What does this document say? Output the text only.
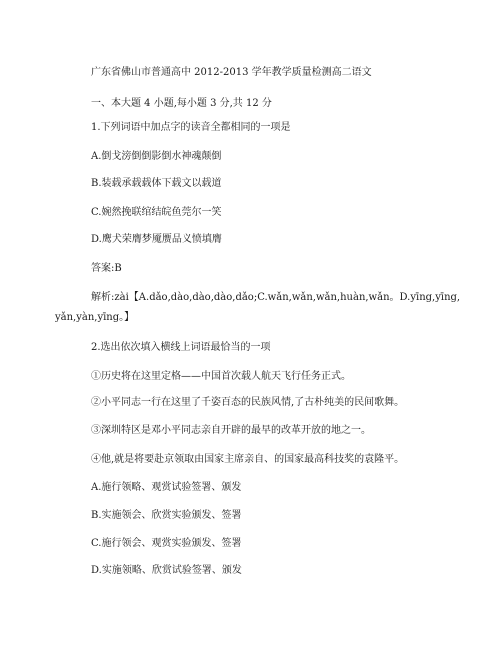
广东省佛山市普通高中 2012-2013 学年教学质量检测高二语文
一、本大题 4 小题,每小题 3 分,共 12 分
1.下列词语中加点字的读音全都相同的一项是
A.倒戈滂倒倒影倒水神魂颠倒
B.装载承载载体下载文以载道
C.婉然挽联绾结皖鱼莞尔一笑
D.鹰犬荣膺梦魇赝品义愤填膺
答案:B
解析:zài【A.dǎo,dào,dào,dào,dǎo;C.wǎn,wǎn,wǎn,huàn,wǎn。D.yīng,yīng,
yǎn,yàn,yīng。】
2.选出依次填入横线上词语最恰当的一项
①历史将在这里定格——中国首次载人航天飞行任务正式。
②小平同志一行在这里了千姿百态的民族风情,了古朴纯美的民间歌舞。
③深圳特区是邓小平同志亲自开辟的最早的改革开放的地之一。
④他,就是将要赴京领取由国家主席亲自、的国家最高科技奖的袁隆平。
A.施行领略、观赏试验签署、颁发
B.实施领会、欣赏实验颁发、签署
C.施行领会、观赏实验颁发、签署
D.实施领略、欣赏试验签署、颁发
